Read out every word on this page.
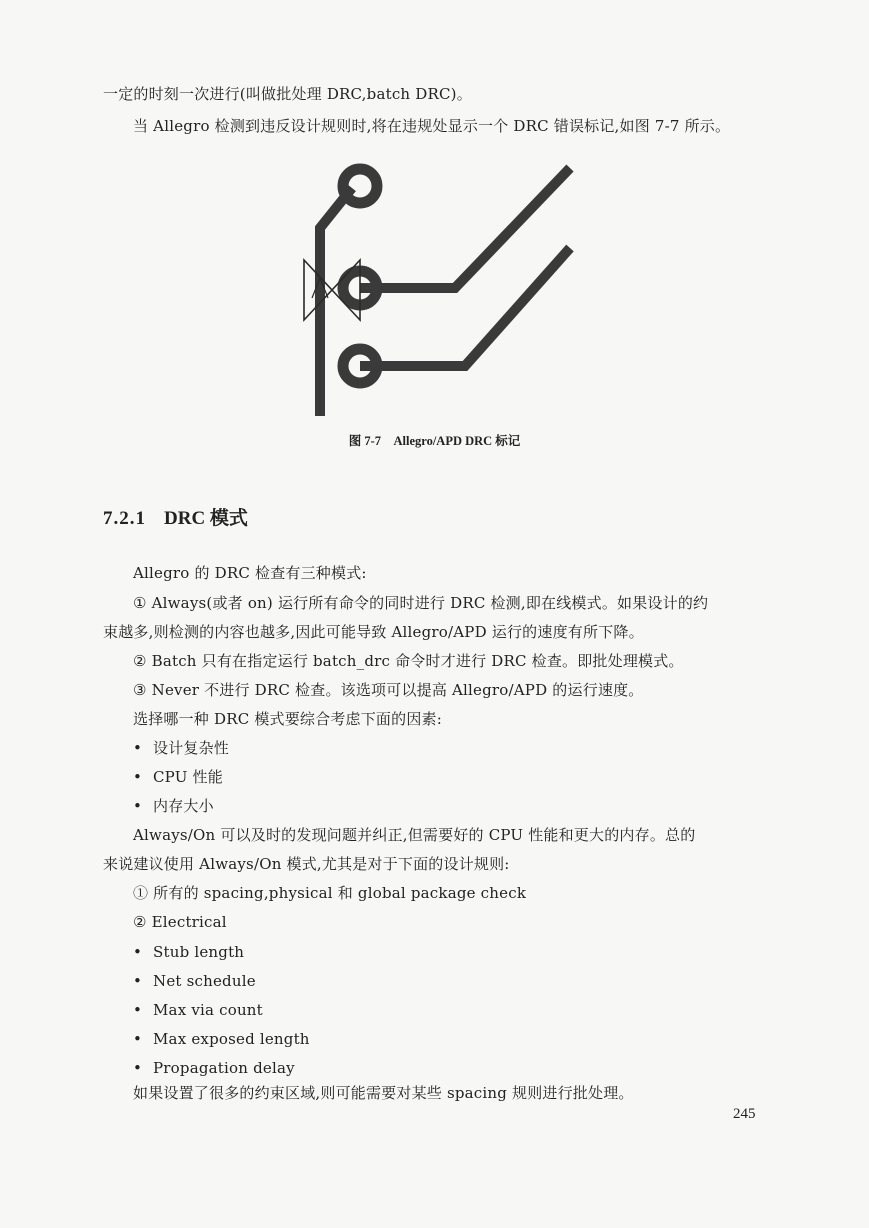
一定的时刻一次进行(叫做批处理 DRC,batch DRC)。
当 Allegro 检测到违反设计规则时,将在违规处显示一个 DRC 错误标记,如图 7-7 所示。
图 7-7　Allegro/APD DRC 标记
7.2.1 DRC 模式
Allegro 的 DRC 检查有三种模式:
① Always(或者 on) 运行所有命令的同时进行 DRC 检测,即在线模式。如果设计的约
束越多,则检测的内容也越多,因此可能导致 Allegro/APD 运行的速度有所下降。
② Batch 只有在指定运行 batch_drc 命令时才进行 DRC 检查。即批处理模式。
③ Never 不进行 DRC 检查。该选项可以提高 Allegro/APD 的运行速度。
选择哪一种 DRC 模式要综合考虑下面的因素:
• 设计复杂性
• CPU 性能
• 内存大小
Always/On 可以及时的发现问题并纠正,但需要好的 CPU 性能和更大的内存。总的
来说建议使用 Always/On 模式,尤其是对于下面的设计规则:
① 所有的 spacing,physical 和 global package check
② Electrical
• Stub length
• Net schedule
• Max via count
• Max exposed length
• Propagation delay
如果设置了很多的约束区域,则可能需要对某些 spacing 规则进行批处理。
245
